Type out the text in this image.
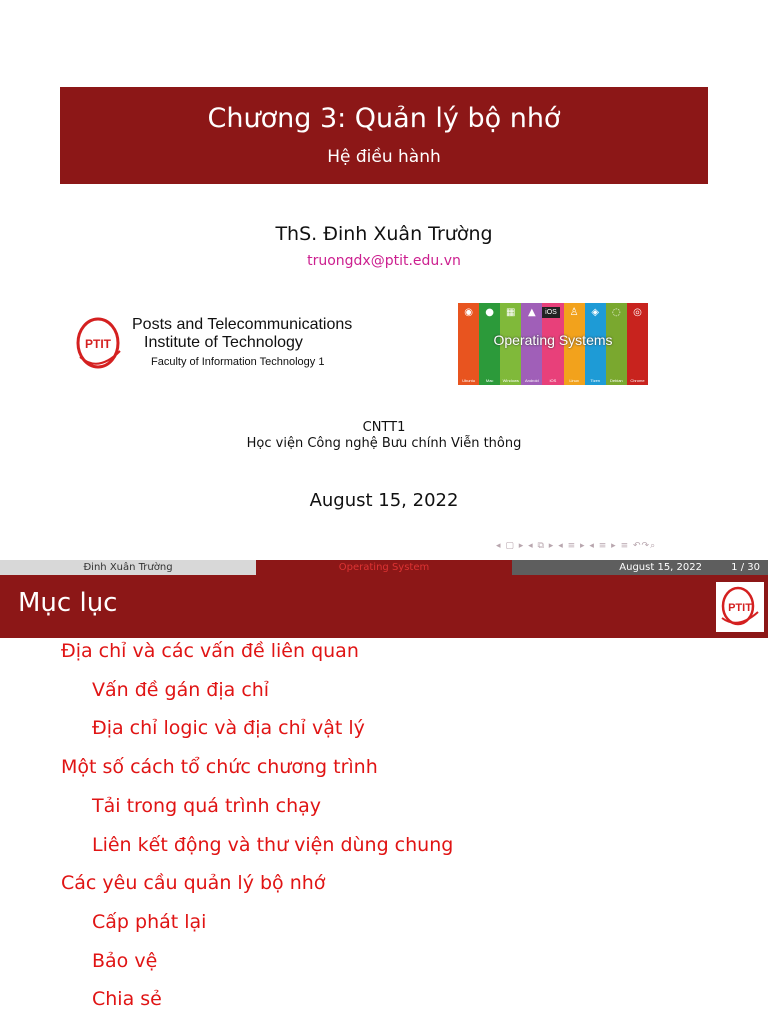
Chương 3: Quản lý bộ nhớ
Hệ điều hành
ThS. Đinh Xuân Trường
truongdx@ptit.edu.vn
PTIT
Posts and Telecommunications
Institute of Technology
Faculty of Information Technology 1
◉
Ubuntu
●
Mac
▦
Windows
▲
Android	iOS
♙
Linux
◈
Tizen
◌
Debian
◎
Chrome
Operating Systems
iOS
CNTT1
Học viện Công nghệ Bưu chính Viễn thông
August 15, 2022
◂ ▢ ▸ ◂ ⧉ ▸ ◂ ≡ ▸ ◂ ≡ ▸ ≡ ↶↷⌕
Đinh Xuân Trường	Operating System	August 15, 2022	1 / 30
Mục lục	PTIT
Địa chỉ và các vấn đề liên quan
Vấn đề gán địa chỉ
Địa chỉ logic và địa chỉ vật lý
Một số cách tổ chức chương trình
Tải trong quá trình chạy
Liên kết động và thư viện dùng chung
Các yêu cầu quản lý bộ nhớ
Cấp phát lại
Bảo vệ
Chia sẻ
